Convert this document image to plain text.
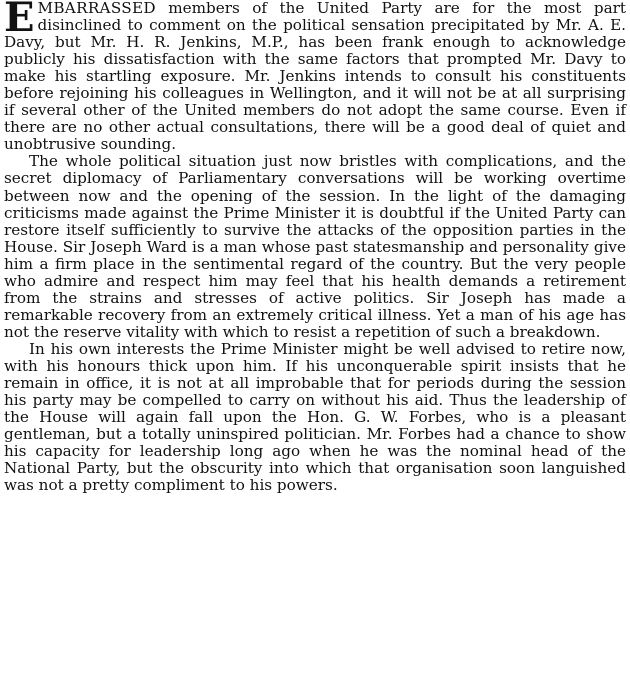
EMBARRASSED members of the United Party are for the most part disinclined to comment on the political sensation precipitated by Mr. A. E. Davy, but Mr. H. R. Jenkins, M.P., has been frank enough to acknowledge publicly his dissatisfaction with the same factors that prompted Mr. Davy to make his startling exposure. Mr. Jenkins intends to consult his constituents before rejoining his colleagues in Wellington, and it will not be at all surprising if several other of the United members do not adopt the same course. Even if there are no other actual consultations, there will be a good deal of quiet and unobtrusive sounding.

The whole political situation just now bristles with complications, and the secret diplomacy of Parliamentary conversations will be working overtime between now and the opening of the session. In the light of the damaging criticisms made against the Prime Minister it is doubtful if the United Party can restore itself sufficiently to survive the attacks of the opposition parties in the House. Sir Joseph Ward is a man whose past statesmanship and personality give him a firm place in the sentimental regard of the country. But the very people who admire and respect him may feel that his health demands a retirement from the strains and stresses of active politics. Sir Joseph has made a remarkable recovery from an extremely critical illness. Yet a man of his age has not the reserve vitality with which to resist a repetition of such a breakdown.

In his own interests the Prime Minister might be well advised to retire now, with his honours thick upon him. If his unconquerable spirit insists that he remain in office, it is not at all improbable that for periods during the session his party may be compelled to carry on without his aid. Thus the leadership of the House will again fall upon the Hon. G. W. Forbes, who is a pleasant gentleman, but a totally uninspired politician. Mr. Forbes had a chance to show his capacity for leadership long ago when he was the nominal head of the National Party, but the obscurity into which that organisation soon languished was not a pretty compliment to his powers.
